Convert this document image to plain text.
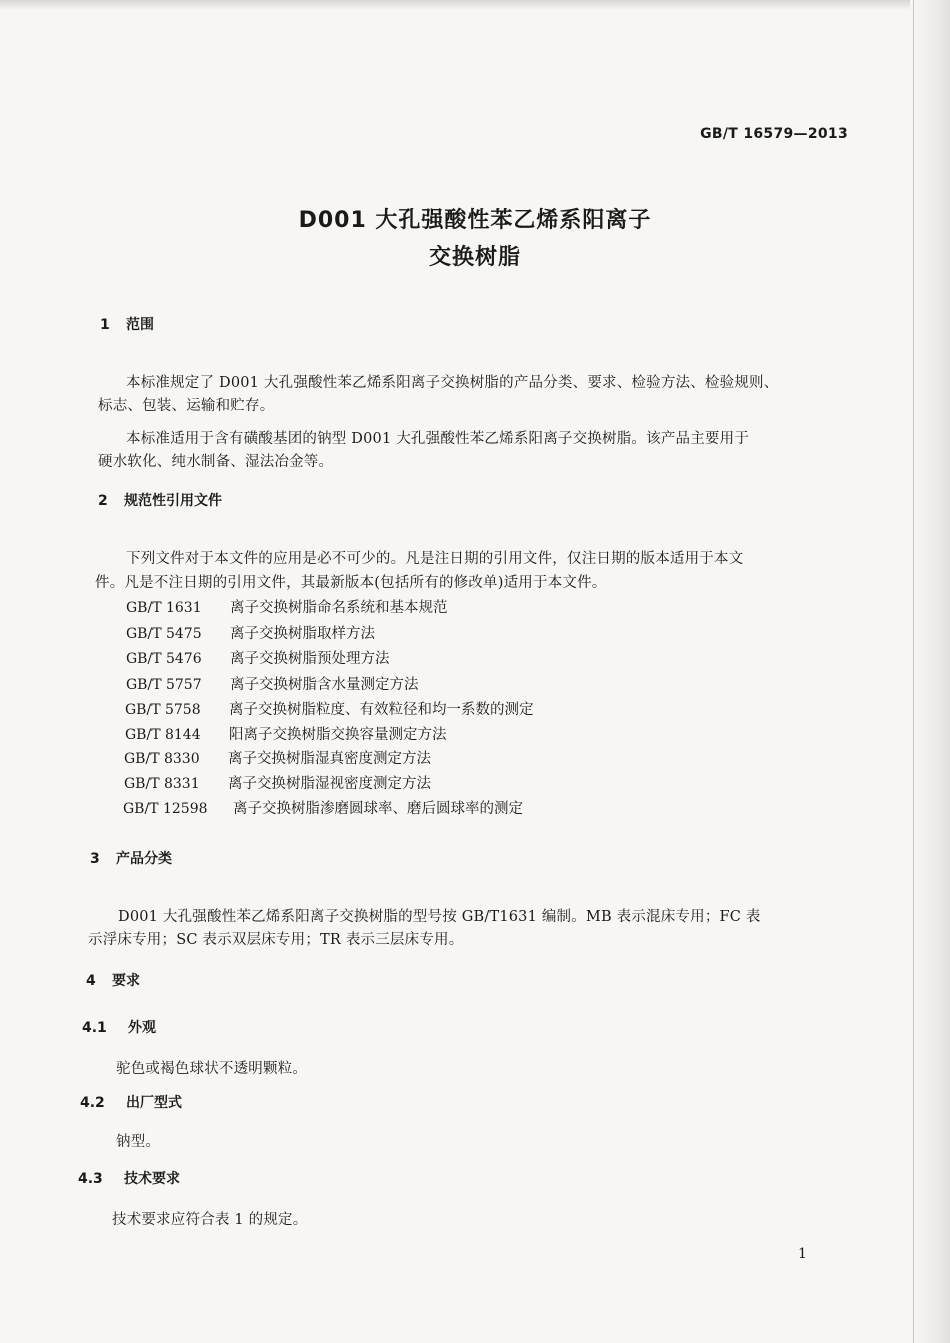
GB/T 16579—2013
D001 大孔强酸性苯乙烯系阳离子
交换树脂
1 范围
本标准规定了 D001 大孔强酸性苯乙烯系阳离子交换树脂的产品分类、要求、检验方法、检验规则、
标志、包装、运输和贮存。
本标准适用于含有磺酸基团的钠型 D001 大孔强酸性苯乙烯系阳离子交换树脂。该产品主要用于
硬水软化、纯水制备、湿法冶金等。
2 规范性引用文件
下列文件对于本文件的应用是必不可少的。凡是注日期的引用文件，仅注日期的版本适用于本文
件。凡是不注日期的引用文件，其最新版本(包括所有的修改单)适用于本文件。
GB/T 1631 离子交换树脂命名系统和基本规范
GB/T 5475 离子交换树脂取样方法
GB/T 5476 离子交换树脂预处理方法
GB/T 5757 离子交换树脂含水量测定方法
GB/T 5758 离子交换树脂粒度、有效粒径和均一系数的测定
GB/T 8144 阳离子交换树脂交换容量测定方法
GB/T 8330 离子交换树脂湿真密度测定方法
GB/T 8331 离子交换树脂湿视密度测定方法
GB/T 12598 离子交换树脂渗磨圆球率、磨后圆球率的测定
3 产品分类
D001 大孔强酸性苯乙烯系阳离子交换树脂的型号按 GB/T1631 编制。MB 表示混床专用；FC 表
示浮床专用；SC 表示双层床专用；TR 表示三层床专用。
4 要求
4.1 外观
驼色或褐色球状不透明颗粒。
4.2 出厂型式
钠型。
4.3 技术要求
技术要求应符合表 1 的规定。
1
